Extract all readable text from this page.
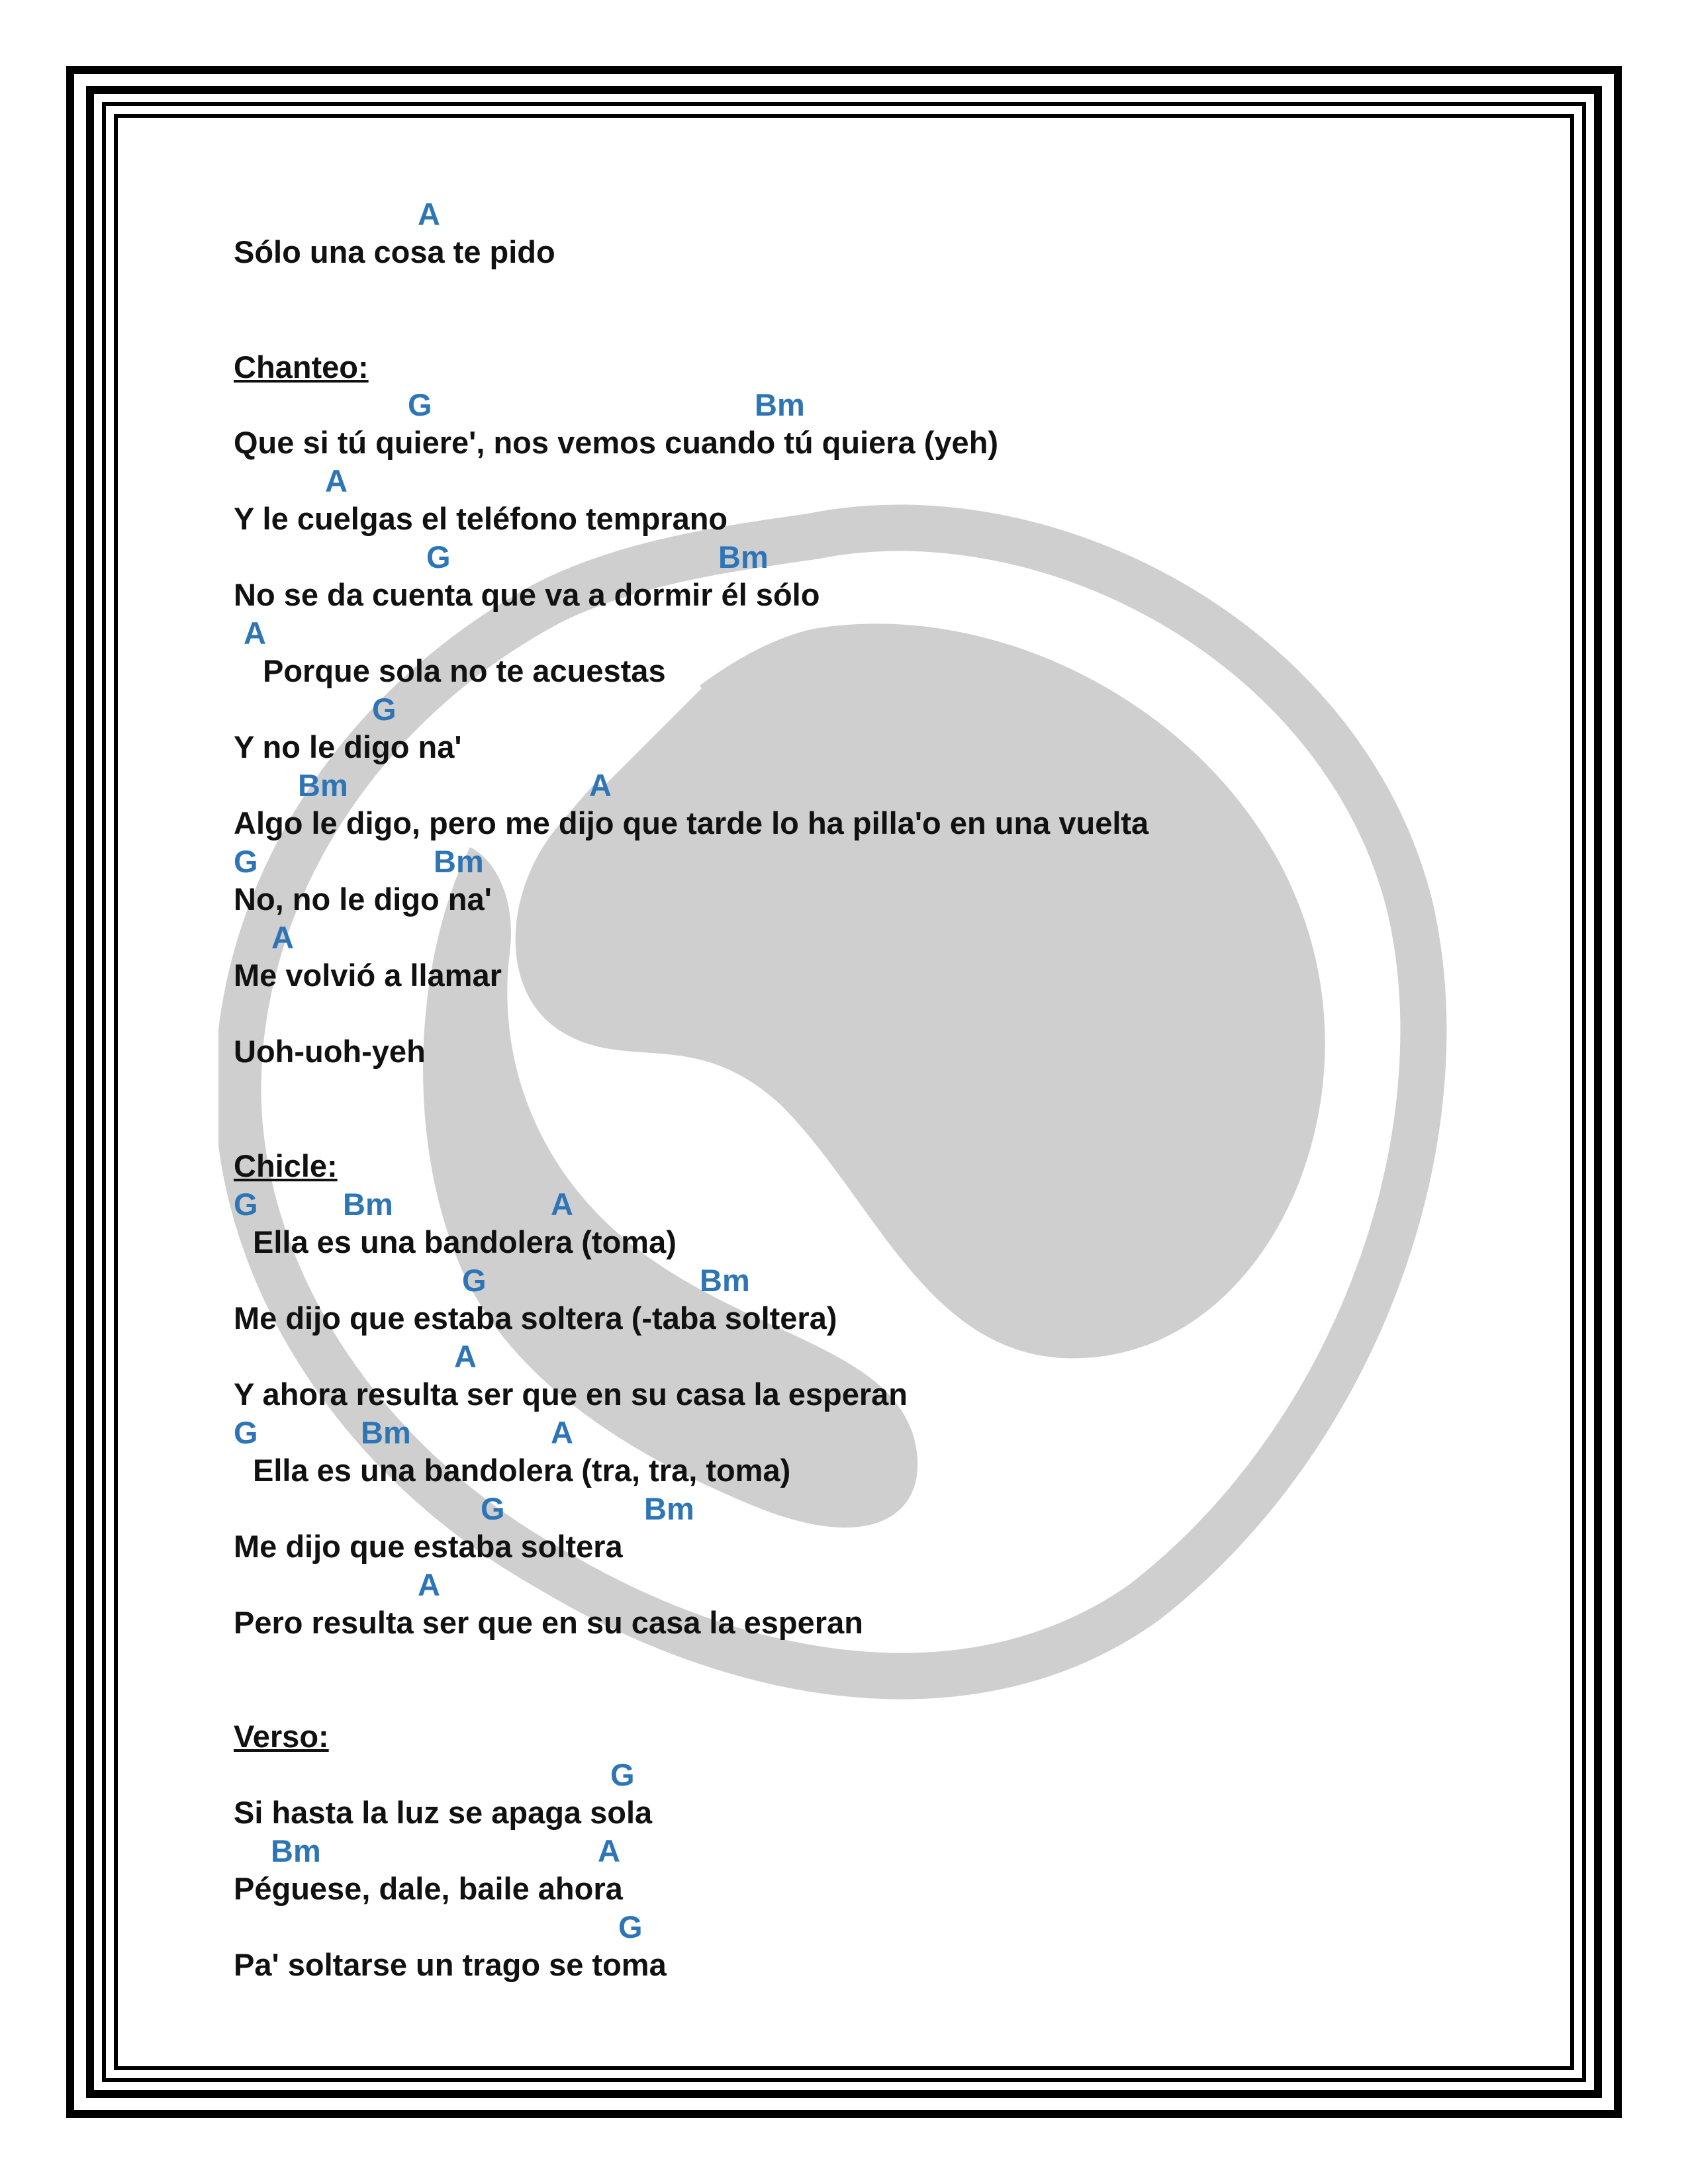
A
Sólo una cosa te pido
Chanteo:
G	Bm
Que si tú quiere', nos vemos cuando tú quiera (yeh)
A
Y le cuelgas el teléfono temprano
G	Bm
No se da cuenta que va a dormir él sólo
A
Porque sola no te acuestas
G
Y no le digo na'
Bm	A
Algo le digo, pero me dijo que tarde lo ha pilla'o en una vuelta
G	Bm
No, no le digo na'
A
Me volvió a llamar
Uoh-uoh-yeh
Chicle:
G	Bm	A
Ella es una bandolera (toma)
G	Bm
Me dijo que estaba soltera (-taba soltera)
A
Y ahora resulta ser que en su casa la esperan
G	Bm	A
Ella es una bandolera (tra, tra, toma)
G	Bm
Me dijo que estaba soltera
A
Pero resulta ser que en su casa la esperan
Verso:
G
Si hasta la luz se apaga sola
Bm	A
Péguese, dale, baile ahora
G
Pa' soltarse un trago se toma
